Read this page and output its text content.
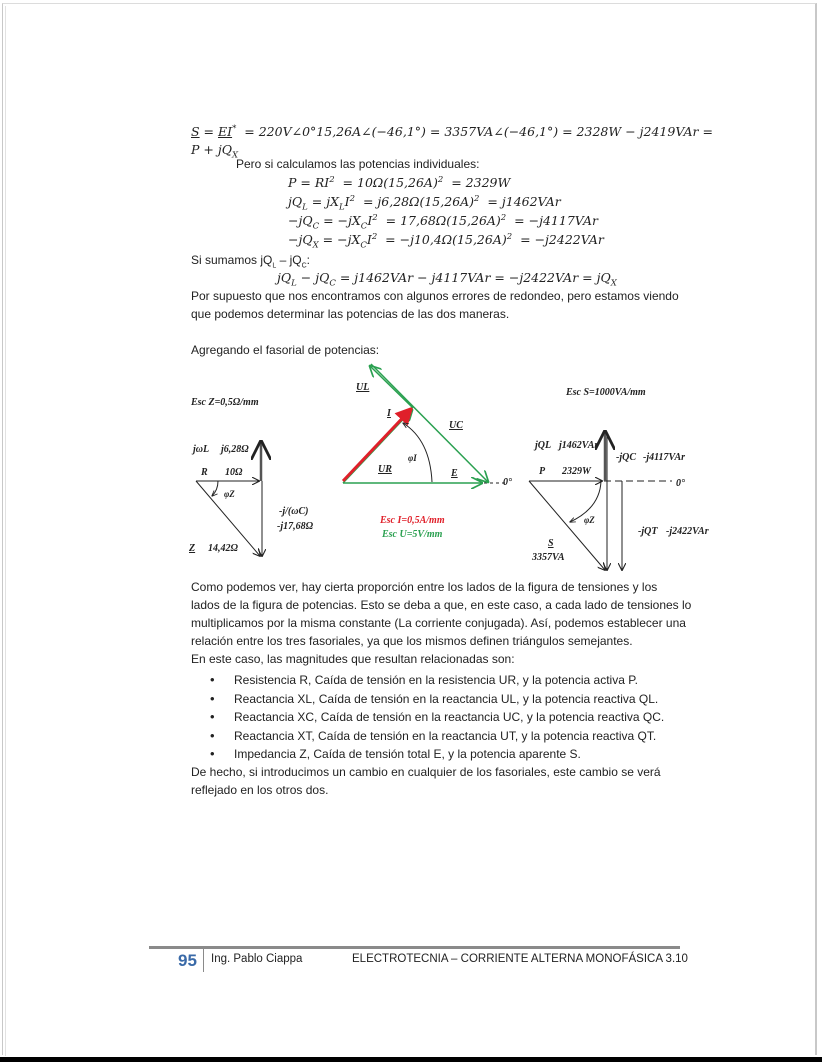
S = EI*  = 220V∠0°15,26A∠(−46,1°) = 3357VA∠(−46,1°) = 2328W − j2419VAr =
$P + jQ_X$
Pero si calculamos las potencias individuales:
$P = RI^2 = 10\Omega(15,26A)^2 = 2329W$
$jQ_L = jX_LI^2 = j6,28\Omega(15,26A)^2 = j1462VAr$
$-jQ_C = -jX_CI^2 = 17,68\Omega(15,26A)^2 = -j4117VAr$
$-jQ_X = -jX_CI^2 = -j10,4\Omega(15,26A)^2 = -j2422VAr$
Si sumamos $jQ_L - jQ_C$:
$jQ_L - jQ_C = j1462VAr - j4117VAr = -j2422VAr = jQ_X$
Por supuesto que nos encontramos con algunos errores de redondeo, pero estamos viendo
que podemos determinar las potencias de las dos maneras.
Agregando el fasorial de potencias:
Esc Z=0,5Ω/mm
jωL j6,28Ω
R 10Ω
φZ
-j/(ωC)
-j17,68Ω
Z 14,42Ω
UL
I
UC
φI
UR	E
0°
Esc I=0,5A/mm
Esc U=5V/mm
Esc S=1000VA/mm
jQL j1462VAr
-jQC -j4117VAr
P 2329W
0°
φZ
-jQT -j2422VAr
S
3357VA
Como podemos ver, hay cierta proporción entre los lados de la figura de tensiones y los
lados de la figura de potencias. Esto se deba a que, en este caso, a cada lado de tensiones lo
multiplicamos por la misma constante (La corriente conjugada). Así, podemos establecer una
relación entre los tres fasoriales, ya que los mismos definen triángulos semejantes.
En este caso, las magnitudes que resultan relacionadas son:
• Resistencia R, Caída de tensión en la resistencia UR, y la potencia activa P.
• Reactancia XL, Caída de tensión en la reactancia UL, y la potencia reactiva QL.
• Reactancia XC, Caída de tensión en la reactancia UC, y la potencia reactiva QC.
• Reactancia XT, Caída de tensión en la reactancia UT, y la potencia reactiva QT.
• Impedancia Z, Caída de tensión total E, y la potencia aparente S.
De hecho, si introducimos un cambio en cualquier de los fasoriales, este cambio se verá
reflejado en los otros dos.
95 Ing. Pablo Ciappa	ELECTROTECNIA – CORRIENTE ALTERNA MONOFÁSICA 3.10
